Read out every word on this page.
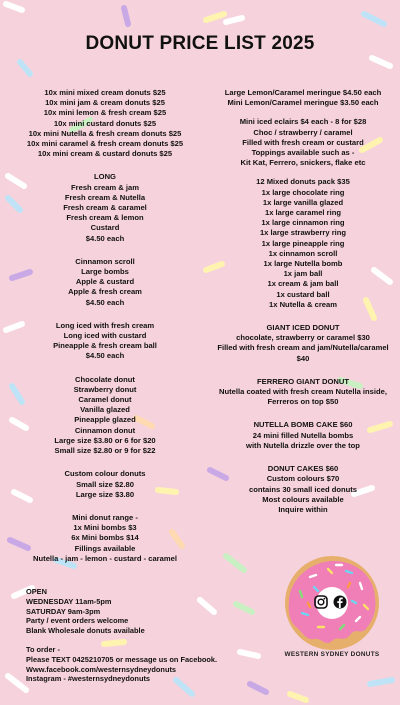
DONUT PRICE LIST 2025
10x mini mixed cream donuts $25
10x mini jam & cream donuts $25
10x mini lemon & fresh cream $25
10x mini custard donuts $25
10x mini Nutella & fresh cream donuts $25
10x mini caramel & fresh cream donuts $25
10x mini cream & custard donuts $25
LONG
Fresh cream & jam
Fresh cream & Nutella
Fresh cream & caramel
Fresh cream & lemon
Custard
$4.50 each
Cinnamon scroll
Large bombs
Apple & custard
Apple & fresh cream
$4.50 each
Long iced with fresh cream
Long iced with custard
Pineapple & fresh cream ball
$4.50 each
Chocolate donut
Strawberry donut
Caramel donut
Vanilla glazed
Pineapple glazed
Cinnamon donut
Large size $3.80 or 6 for $20
Small size $2.80 or 9 for $22
Custom colour donuts
Small size $2.80
Large size $3.80
Mini donut range -
1x Mini bombs $3
6x Mini bombs $14
Fillings available
Nutella - jam - lemon - custard - caramel
Large Lemon/Caramel meringue $4.50 each
Mini Lemon/Caramel meringue $3.50 each
Mini iced eclairs $4 each - 8 for $28
Choc / strawberry / caramel
Filled with fresh cream or custard
Toppings available such as -
Kit Kat, Ferrero, snickers, flake etc
12 Mixed donuts pack $35
1x large chocolate ring
1x large vanilla glazed
1x large caramel ring
1x large cinnamon ring
1x large strawberry ring
1x large pineapple ring
1x cinnamon scroll
1x large Nutella bomb
1x jam ball
1x cream & jam ball
1x custard ball
1x Nutella & cream
GIANT ICED DONUT
chocolate, strawberry or caramel $30
Filled with fresh cream and jam/Nutella/caramel
$40
FERRERO GIANT DONUT
Nutella coated with fresh cream Nutella inside,
Ferreros on top $50
NUTELLA BOMB CAKE $60
24 mini filled Nutella bombs
with Nutella drizzle over the top
DONUT CAKES $60
Custom colours $70
contains 30 small iced donuts
Most colours available
Inquire within
OPEN
WEDNESDAY 11am-5pm
SATURDAY 9am-3pm
Party / event orders welcome
Blank Wholesale donuts available
To order -
Please TEXT 0425210705 or message us on Facebook.
Www.facebook.com/westernsydneydonuts
Instagram - #westernsydneydonuts
WESTERN SYDNEY DONUTS
